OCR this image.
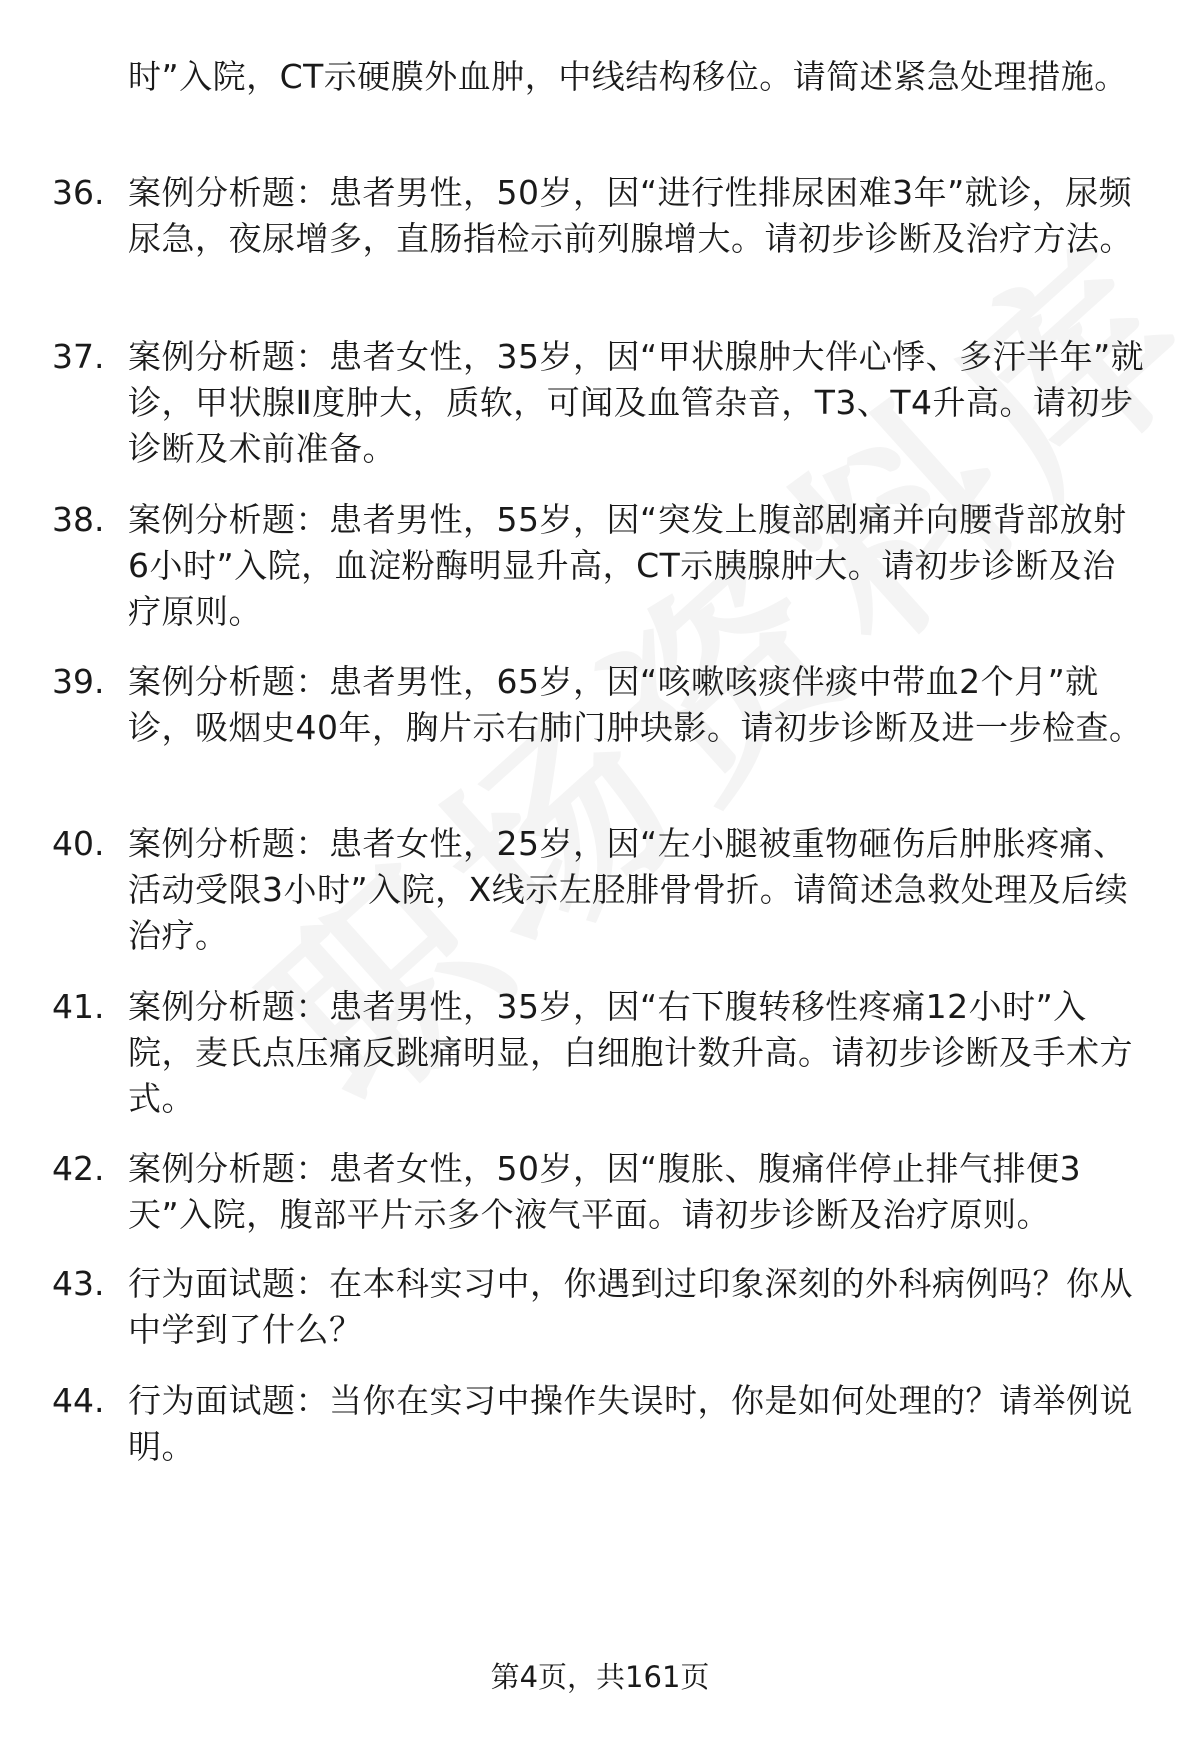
时”入院，CT示硬膜外血肿，中线结构移位。请简述紧急处理措施。
36. 案例分析题：患者男性，50岁，因“进行性排尿困难3年”就诊，尿频尿急，夜尿增多，直肠指检示前列腺增大。请初步诊断及治疗方法。
37. 案例分析题：患者女性，35岁，因“甲状腺肿大伴心悸、多汗半年”就诊，甲状腺Ⅱ度肿大，质软，可闻及血管杂音，T3、T4升高。请初步诊断及术前准备。
38. 案例分析题：患者男性，55岁，因“突发上腹部剧痛并向腰背部放射6小时”入院，血淀粉酶明显升高，CT示胰腺肿大。请初步诊断及治疗原则。
39. 案例分析题：患者男性，65岁，因“咳嗽咳痰伴痰中带血2个月”就诊，吸烟史40年，胸片示右肺门肿块影。请初步诊断及进一步检查。
40. 案例分析题：患者女性，25岁，因“左小腿被重物砸伤后肿胀疼痛、活动受限3小时”入院，X线示左胫腓骨骨折。请简述急救处理及后续治疗。
41. 案例分析题：患者男性，35岁，因“右下腹转移性疼痛12小时”入院，麦氏点压痛反跳痛明显，白细胞计数升高。请初步诊断及手术方式。
42. 案例分析题：患者女性，50岁，因“腹胀、腹痛伴停止排气排便3天”入院，腹部平片示多个液气平面。请初步诊断及治疗原则。
43. 行为面试题：在本科实习中，你遇到过印象深刻的外科病例吗？你从中学到了什么？
44. 行为面试题：当你在实习中操作失误时，你是如何处理的？请举例说明。
第4页，共161页
